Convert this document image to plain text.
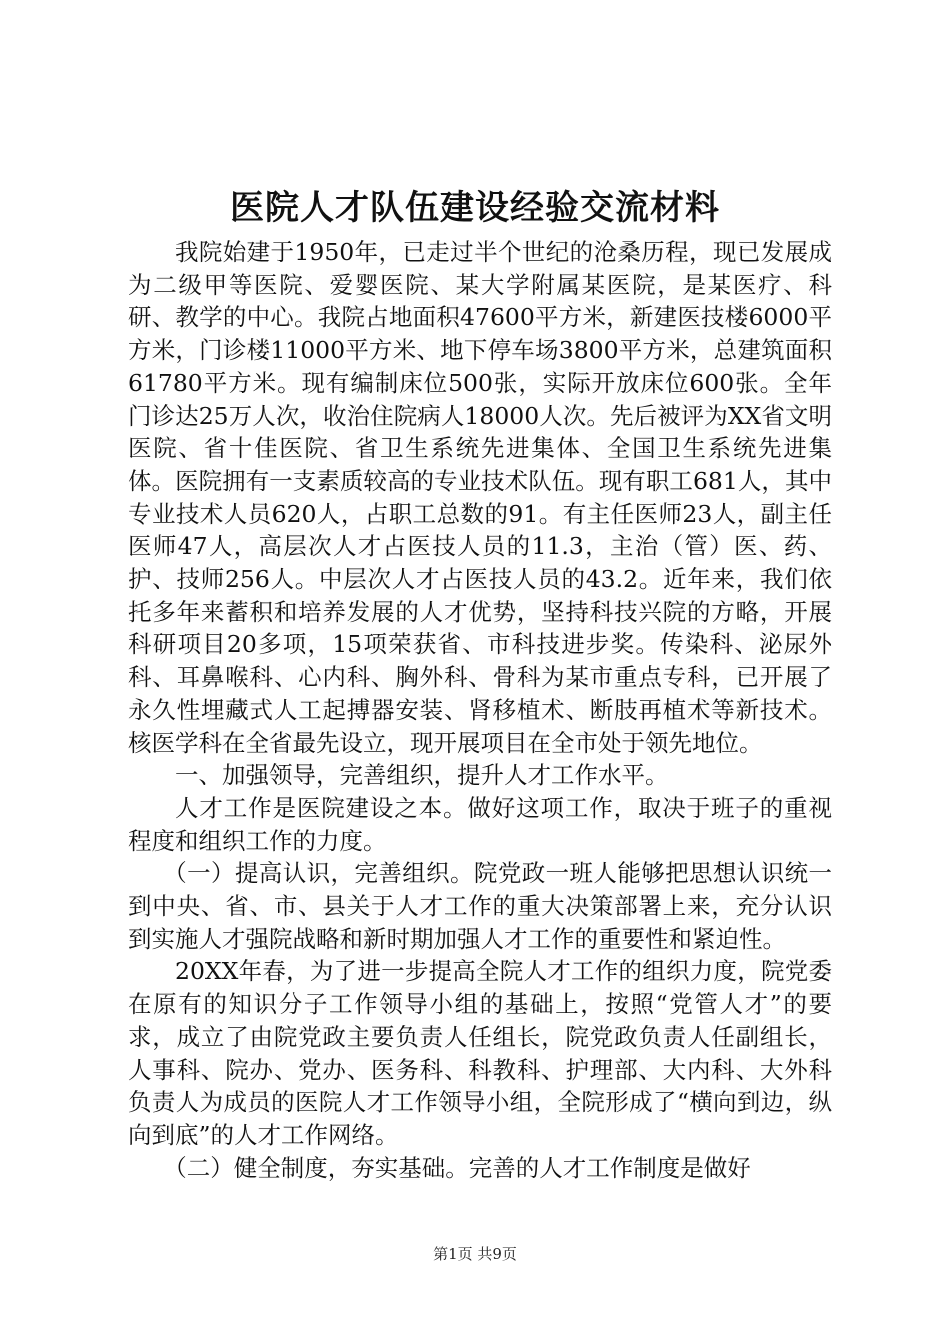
医院人才队伍建设经验交流材料

我院始建于1950年，已走过半个世纪的沧桑历程，现已发展成为二级甲等医院、爱婴医院、某大学附属某医院，是某医疗、科研、教学的中心。我院占地面积47600平方米，新建医技楼6000平方米，门诊楼11000平方米、地下停车场3800平方米，总建筑面积61780平方米。现有编制床位500张，实际开放床位600张。全年门诊达25万人次，收治住院病人18000人次。先后被评为XX省文明医院、省十佳医院、省卫生系统先进集体、全国卫生系统先进集体。医院拥有一支素质较高的专业技术队伍。现有职工681人，其中专业技术人员620人，占职工总数的91。有主任医师23人，副主任医师47人，高层次人才占医技人员的11.3，主治（管）医、药、护、技师256人。中层次人才占医技人员的43.2。近年来，我们依托多年来蓄积和培养发展的人才优势，坚持科技兴院的方略，开展科研项目20多项，15项荣获省、市科技进步奖。传染科、泌尿外科、耳鼻喉科、心内科、胸外科、骨科为某市重点专科，已开展了永久性埋藏式人工起搏器安装、肾移植术、断肢再植术等新技术。核医学科在全省最先设立，现开展项目在全市处于领先地位。

一、加强领导，完善组织，提升人才工作水平。

人才工作是医院建设之本。做好这项工作，取决于班子的重视程度和组织工作的力度。

（一）提高认识，完善组织。院党政一班人能够把思想认识统一到中央、省、市、县关于人才工作的重大决策部署上来，充分认识到实施人才强院战略和新时期加强人才工作的重要性和紧迫性。

20XX年春，为了进一步提高全院人才工作的组织力度，院党委在原有的知识分子工作领导小组的基础上，按照“党管人才”的要求，成立了由院党政主要负责人任组长，院党政负责人任副组长，人事科、院办、党办、医务科、科教科、护理部、大内科、大外科负责人为成员的医院人才工作领导小组，全院形成了“横向到边，纵向到底”的人才工作网络。

（二）健全制度，夯实基础。完善的人才工作制度是做好

第1页 共9页
